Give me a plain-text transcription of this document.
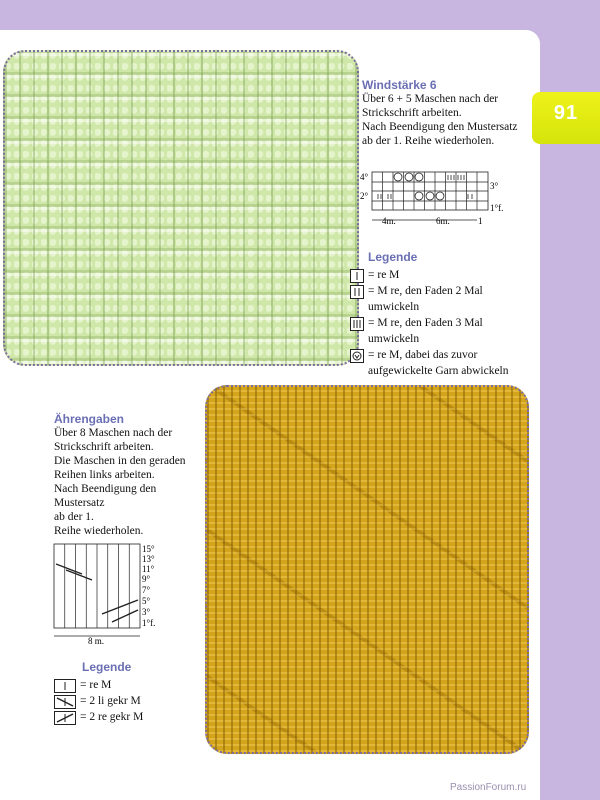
91
Windstärke 6
Über 6 + 5 Maschen nach der
Strickschrift arbeiten.
Nach Beendigung den Mustersatz
ab der 1. Reihe wiederholen.
4°
2°
3°
1°f.
4m.	6m.	1
Legende
= re M
= M re, den Faden 2 Mal umwickeln
= M re, den Faden 3 Mal umwickeln
= re M, dabei das zuvor
aufgewickelte Garn abwickeln
Ährengaben
Über 8 Maschen nach der
Strickschrift arbeiten.
Die Maschen in den geraden
Reihen links arbeiten.
Nach Beendigung den Mustersatz
ab der 1.
Reihe wiederholen.
15°
13°
11°
9°
7°
5°
3°
1°f.
8 m.
Legende
= re M
= 2 li gekr M
= 2 re gekr M
PassionForum.ru
